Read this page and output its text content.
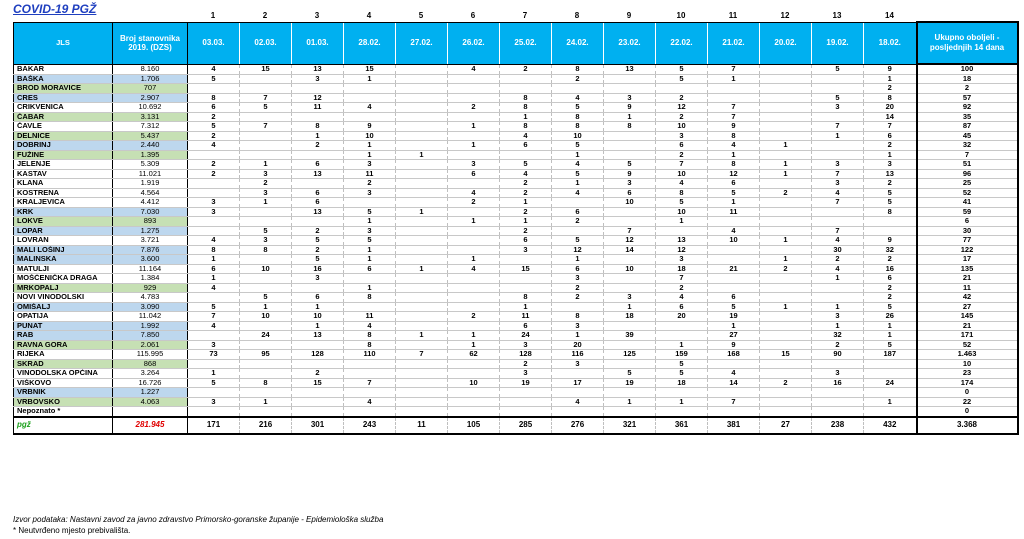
COVID-19 PGŽ	1	2	3	4	5	6	7	8	9	10	11	12	13	14
JLS	Broj stanovnika 2019. (DZS)	03.03.	02.03.	01.03.	28.02.	27.02.	26.02.	25.02.	24.02.	23.02.	22.02.	21.02.	20.02.	19.02.	18.02.	Ukupno oboljeli - posljednjih 14 dana
BAKAR	8.160	4	15	13	15		4	2	8	13	5	7		5	9	100
BAŠKA	1.706	5		3	1				2		5	1			1	18
BROD MORAVICE	707														2	2
CRES	2.907	8	7	12				8	4	3	2			5	8	57
CRIKVENICA	10.692	6	5	11	4		2	8	5	9	12	7		3	20	92
ČABAR	3.131	2						1	8	1	2	7			14	35
ČAVLE	7.312	5	7	8	9		1	8	8	8	10	9		7	7	87
DELNICE	5.437	2		1	10			4	10		3	8		1	6	45
DOBRINJ	2.440	4		2	1		1	6	5		6	4	1		2	32
FUŽINE	1.395				1	1			1		2	1			1	7
JELENJE	5.309	2	1	6	3		3	5	4	5	7	8	1	3	3	51
KASTAV	11.021	2	3	13	11		6	4	5	9	10	12	1	7	13	96
KLANA	1.919		2		2			2	1	3	4	6		3	2	25
KOSTRENA	4.564		3	6	3		4	2	4	6	8	5	2	4	5	52
KRALJEVICA	4.412	3	1	6			2	1		10	5	1		7	5	41
KRK	7.030	3		13	5	1		2	6		10	11			8	59
LOKVE	893				1		1	1	2		1					6
LOPAR	1.275		5	2	3			2		7		4		7		30
LOVRAN	3.721	4	3	5	5			6	5	12	13	10	1	4	9	77
MALI LOŠINJ	7.876	8	8	2	1			3	12	14	12			30	32	122
MALINSKA	3.600	1		5	1		1		1		3		1	2	2	17
MATULJI	11.164	6	10	16	6	1	4	15	6	10	18	21	2	4	16	135
MOŠĆENIČKA DRAGA	1.384	1		3					3		7			1	6	21
MRKOPALJ	929	4			1				2		2				2	11
NOVI VINODOLSKI	4.783		5	6	8			8	2	3	4	6			2	42
OMIŠALJ	3.090	5	1	1				1		1	6	5	1	1	5	27
OPATIJA	11.042	7	10	10	11		2	11	8	18	20	19		3	26	145
PUNAT	1.992	4		1	4			6	3			1		1	1	21
RAB	7.850		24	13	8	1	1	24	1	39		27		32	1	171
RAVNA GORA	2.061	3			8		1	3	20		1	9		2	5	52
RIJEKA	115.995	73	95	128	110	7	62	128	116	125	159	168	15	90	187	1.463
SKRAD	868							2	3		5					10
VINODOLSKA OPĆINA	3.264	1		2				3		5	5	4		3		23
VIŠKOVO	16.726	5	8	15	7		10	19	17	19	18	14	2	16	24	174
VRBNIK	1.227															0
VRBOVSKO	4.063	3	1		4				4	1	1	7			1	22
Nepoznato *																0
pgž	281.945	171	216	301	243	11	105	285	276	321	361	381	27	238	432	3.368
Izvor podataka: Nastavni zavod za javno zdravstvo Primorsko-goranske županije - Epidemiološka služba
* Neutvrđeno mjesto prebivališta.
